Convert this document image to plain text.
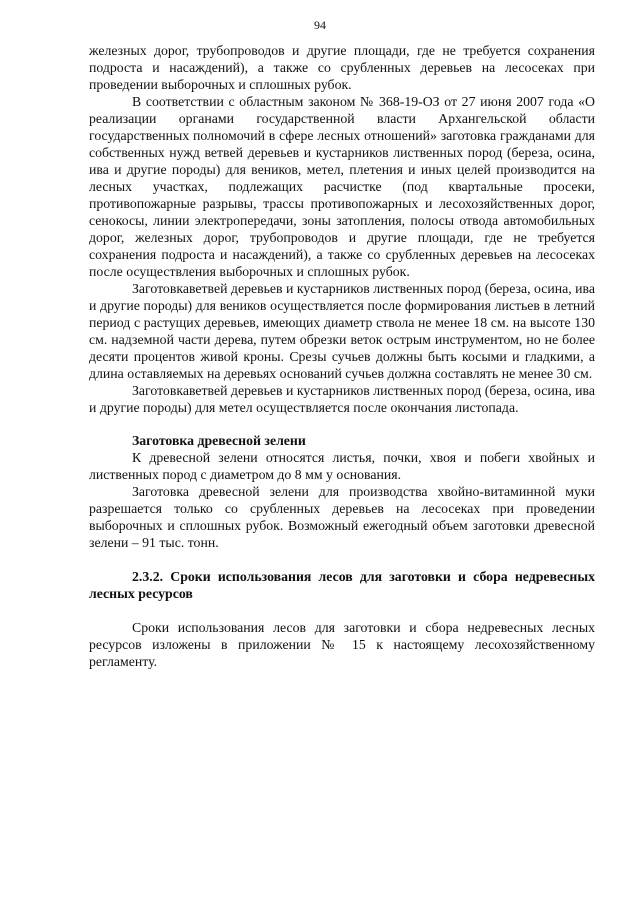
94

железных дорог, трубопроводов и другие площади, где не требуется сохранения подроста и насаждений), а также со срубленных деревьев на лесосеках при проведении выборочных и сплошных рубок.

В соответствии с областным законом № 368-19-ОЗ от 27 июня 2007 года «О реализации органами государственной власти Архангельской области государственных полномочий в сфере лесных отношений» заготовка гражданами для собственных нужд ветвей деревьев и кустарников лиственных пород (береза, осина, ива и другие породы) для веников, метел, плетения и иных целей производится на лесных участках, подлежащих расчистке (под квартальные просеки, противопожарные разрывы, трассы противопожарных и лесохозяйственных дорог, сенокосы, линии электропередачи, зоны затопления, полосы отвода автомобильных дорог, железных дорог, трубопроводов и другие площади, где не требуется сохранения подроста и насаждений), а также со срубленных деревьев на лесосеках после осуществления выборочных и сплошных рубок.

Заготовкаветвей деревьев и кустарников лиственных пород (береза, осина, ива и другие породы) для веников осуществляется после формирования листьев в летний период с растущих деревьев, имеющих диаметр ствола не менее 18 см. на высоте 130 см. надземной части дерева, путем обрезки веток острым инструментом, но не более десяти процентов живой кроны. Срезы сучьев должны быть косыми и гладкими, а длина оставляемых на деревьях оснований сучьев должна составлять не менее 30 см.

Заготовкаветвей деревьев и кустарников лиственных пород (береза, осина, ива и другие породы) для метел осуществляется после окончания листопада.

Заготовка древесной зелени

К древесной зелени относятся листья, почки, хвоя и побеги хвойных и лиственных пород с диаметром до 8 мм у основания.

Заготовка древесной зелени для производства хвойно-витаминной муки разрешается только со срубленных деревьев на лесосеках при проведении выборочных и сплошных рубок. Возможный ежегодный объем заготовки древесной зелени – 91 тыс. тонн.

2.3.2. Сроки использования лесов для заготовки и сбора недревесных лесных ресурсов

Сроки использования лесов для заготовки и сбора недревесных лесных ресурсов изложены в приложении № 15 к настоящему лесохозяйственному регламенту.
